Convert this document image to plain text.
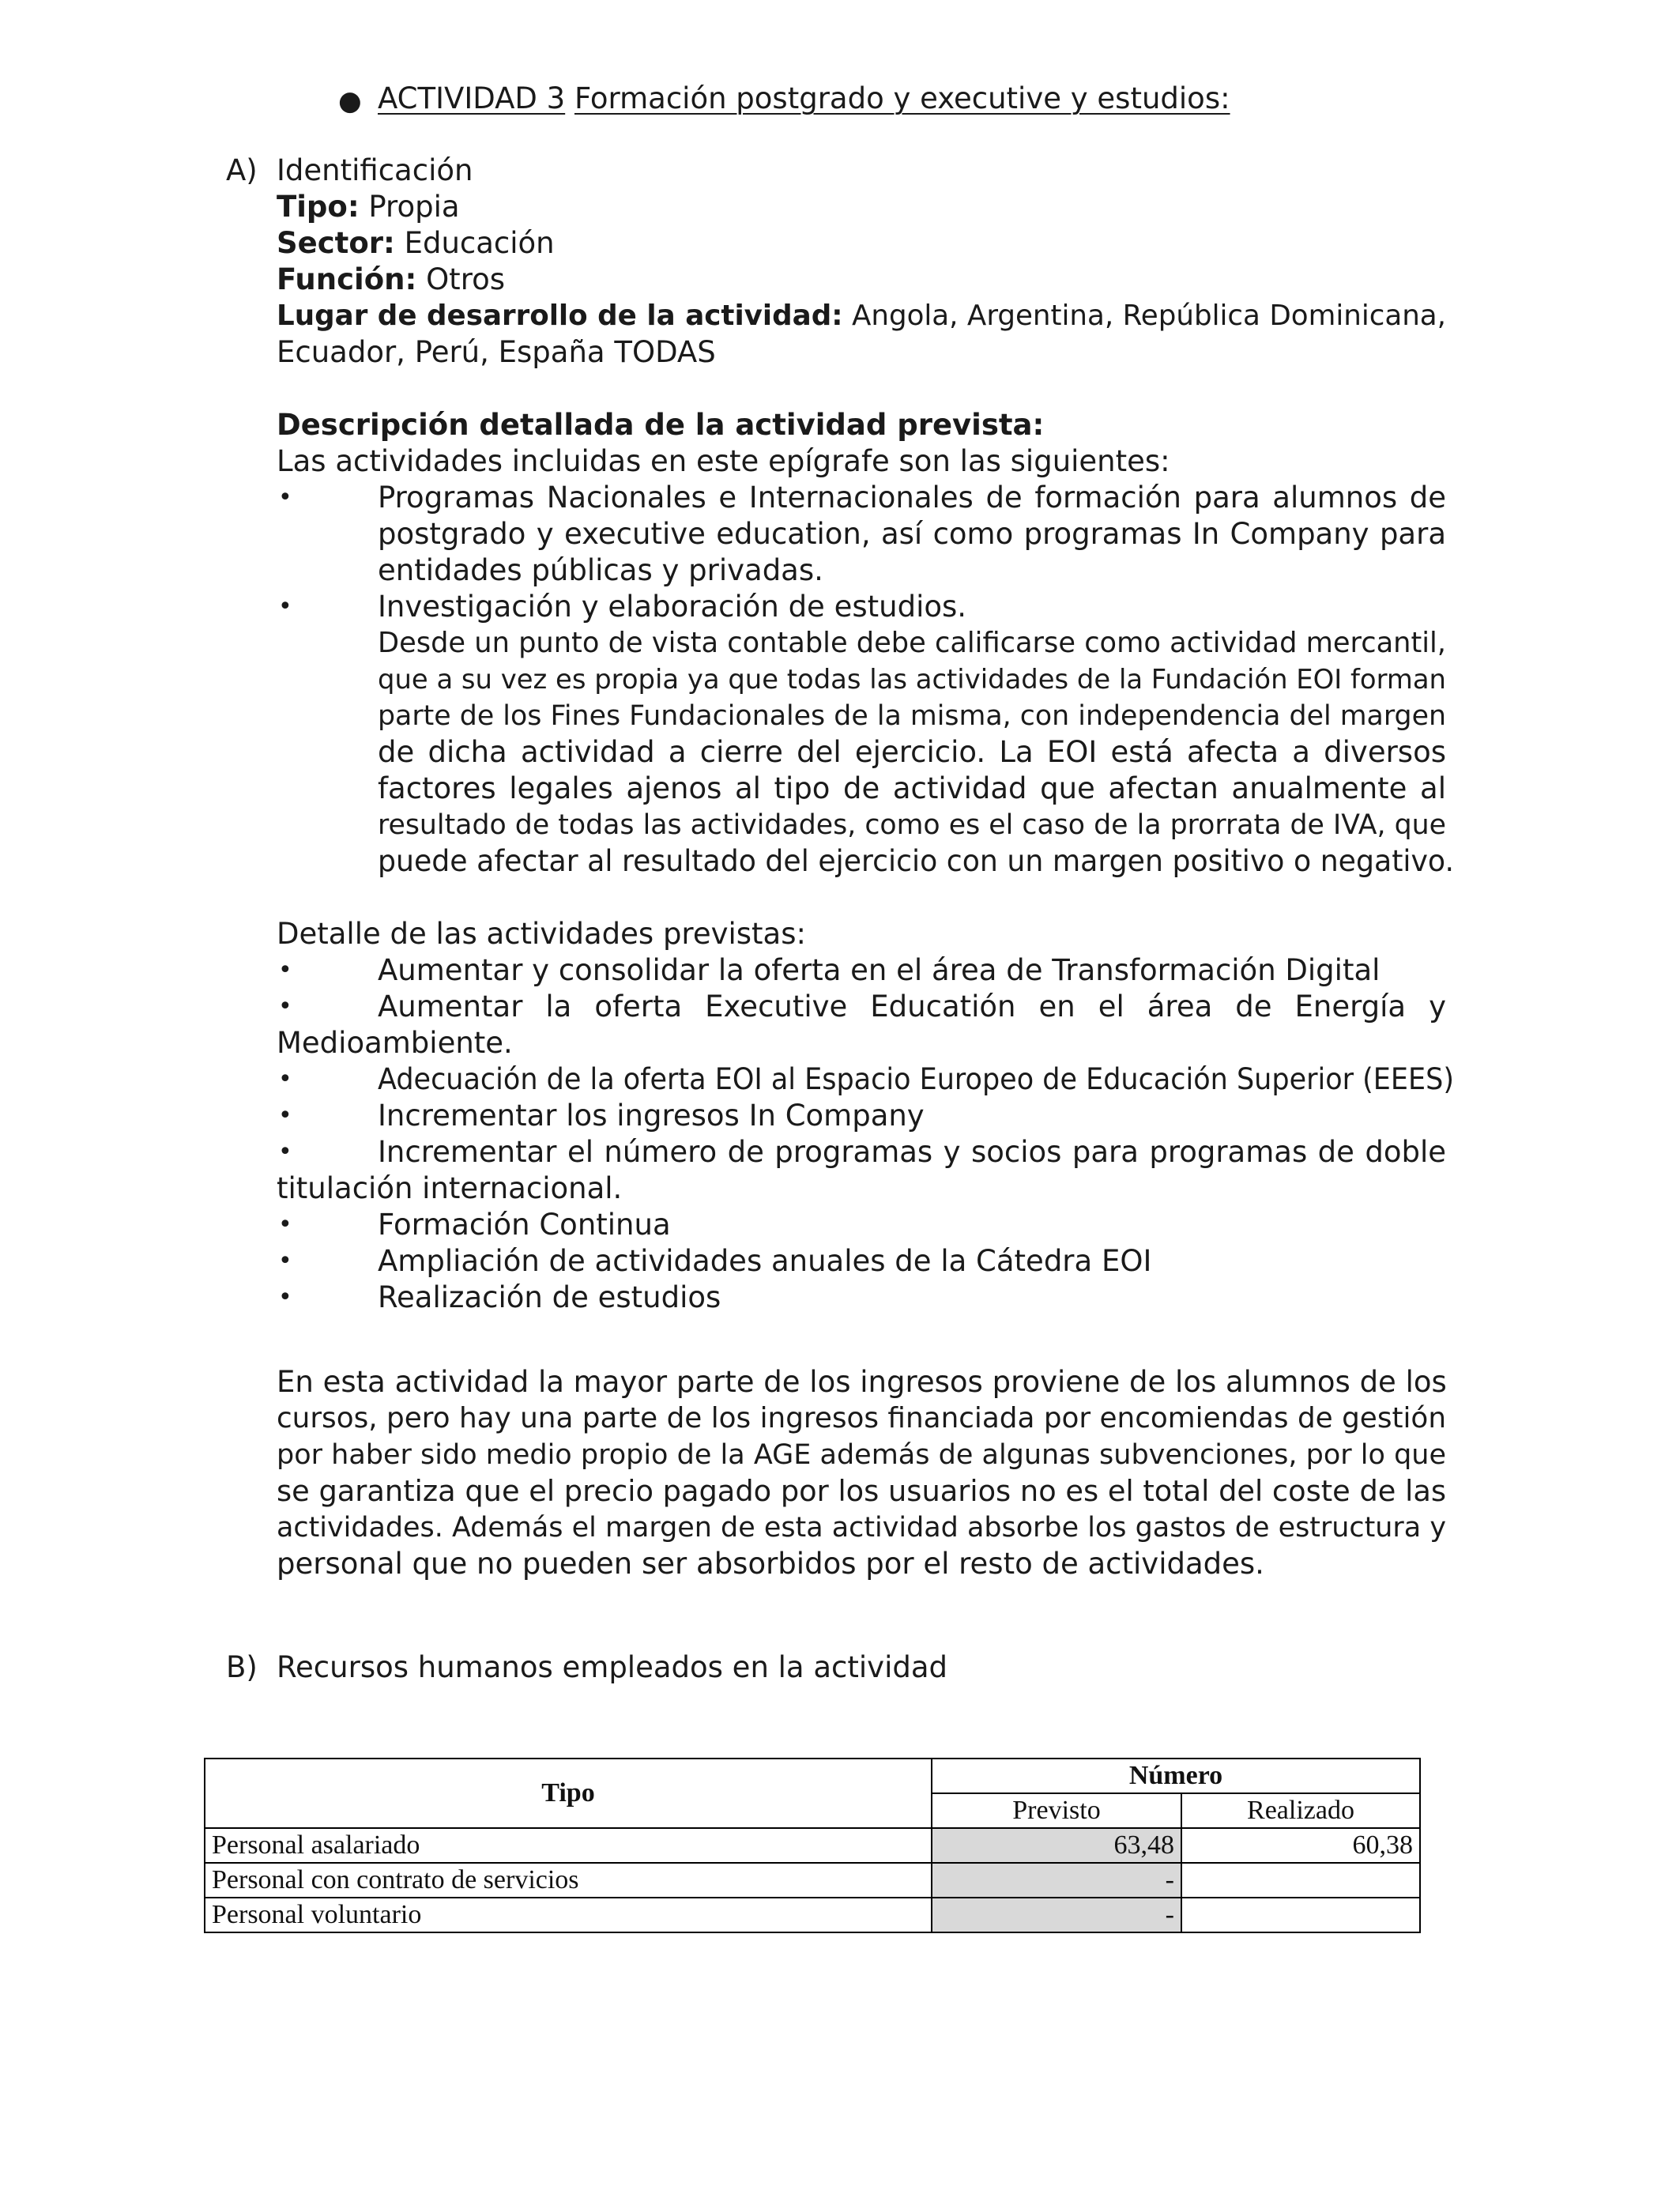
● ACTIVIDAD 3 Formación postgrado y executive y estudios:
A) Identificación
Tipo: Propia
Sector: Educación
Función: Otros
Lugar de desarrollo de la actividad: Angola, Argentina, República Dominicana,
Ecuador, Perú, España TODAS
Descripción detallada de la actividad prevista:
Las actividades incluidas en este epígrafe son las siguientes:
•	Programas Nacionales e Internacionales de formación para alumnos de
postgrado y executive education, así como programas In Company para
entidades públicas y privadas.
•	Investigación y elaboración de estudios.
Desde un punto de vista contable debe calificarse como actividad mercantil,
que a su vez es propia ya que todas las actividades de la Fundación EOI forman
parte de los Fines Fundacionales de la misma, con independencia del margen
de dicha actividad a cierre del ejercicio. La EOI está afecta a diversos
factores legales ajenos al tipo de actividad que afectan anualmente al
resultado de todas las actividades, como es el caso de la prorrata de IVA, que
puede afectar al resultado del ejercicio con un margen positivo o negativo.
Detalle de las actividades previstas:
•	Aumentar y consolidar la oferta en el área de Transformación Digital
•	Aumentar la oferta Executive Educatión en el área de Energía y
Medioambiente.
•	Adecuación de la oferta EOI al Espacio Europeo de Educación Superior (EEES)
•	Incrementar los ingresos In Company
•	Incrementar el número de programas y socios para programas de doble
titulación internacional.
•	Formación Continua
•	Ampliación de actividades anuales de la Cátedra EOI
•	Realización de estudios
En esta actividad la mayor parte de los ingresos proviene de los alumnos de los
cursos, pero hay una parte de los ingresos financiada por encomiendas de gestión
por haber sido medio propio de la AGE además de algunas subvenciones, por lo que
se garantiza que el precio pagado por los usuarios no es el total del coste de las
actividades. Además el margen de esta actividad absorbe los gastos de estructura y
personal que no pueden ser absorbidos por el resto de actividades.
B) Recursos humanos empleados en la actividad
Tipo	Número	
	Previsto	Realizado
Personal asalariado	63,48	60,38
Personal con contrato de servicios	-	
Personal voluntario	-	
